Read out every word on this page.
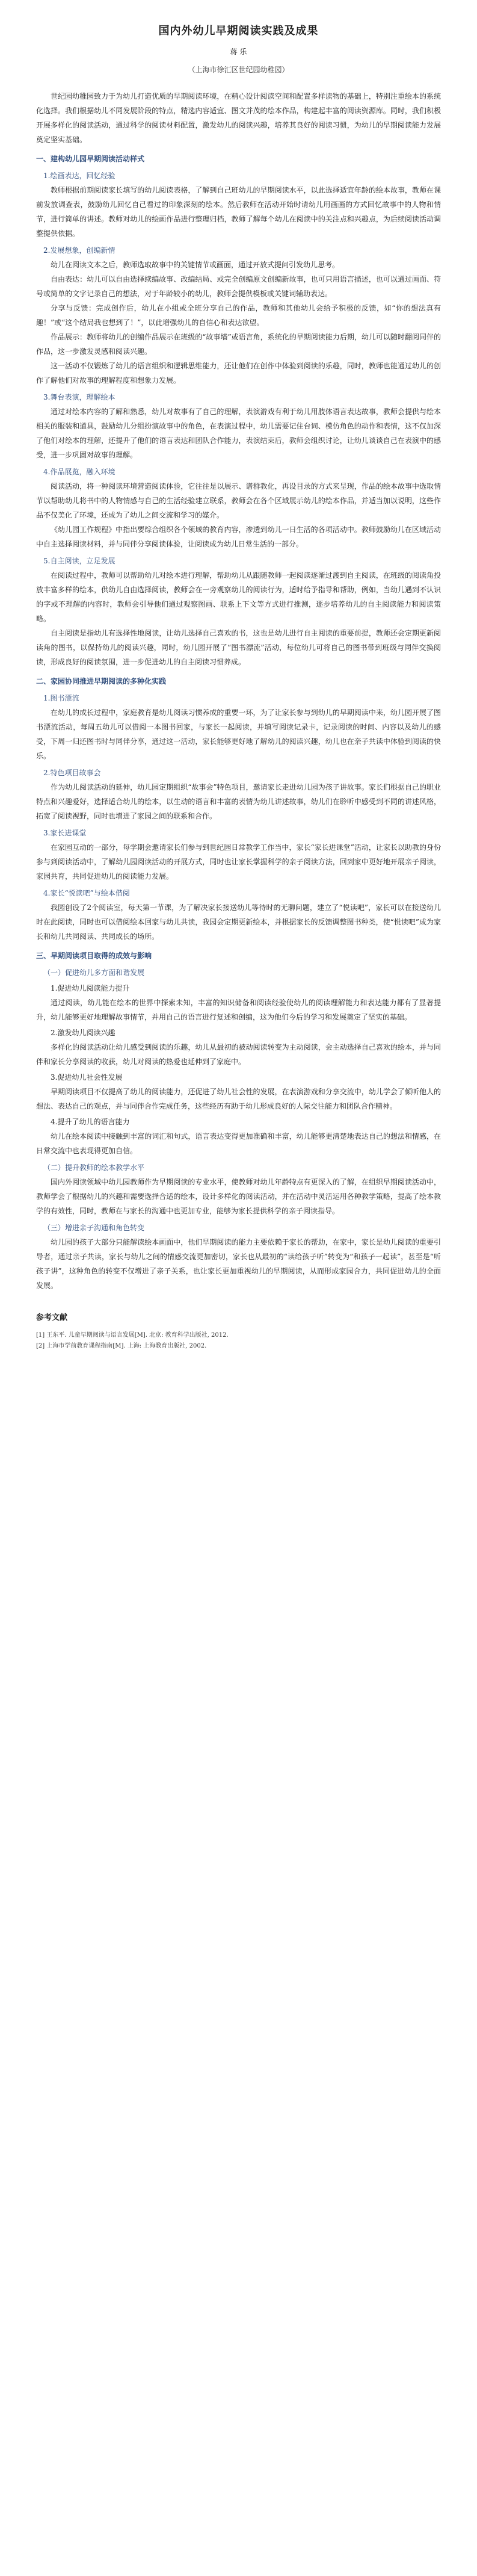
国内外幼儿早期阅读实践及成果
蒋 乐
（上海市徐汇区世纪园幼稚园）

世纪园幼稚园致力于为幼儿打造优质的早期阅读环境，在精心设计阅读空间和配置多样读物的基础上，特别注重绘本的系统化选择。我们根据幼儿不同发展阶段的特点，精选内容适宜、图文并茂的绘本作品，构建起丰富的阅读资源库。同时，我们积极开展多样化的阅读活动，通过科学的阅读材料配置，激发幼儿的阅读兴趣，培养其良好的阅读习惯，为幼儿的早期阅读能力发展奠定坚实基础。

一、建构幼儿园早期阅读活动样式

1.绘画表达，回忆经验

教师根据前期阅读家长填写的幼儿阅读表格，了解到自己班幼儿的早期阅读水平，以此选择适宜年龄的绘本故事，教师在课前发放调查表，鼓励幼儿回忆自己看过的印象深刻的绘本。然后教师在活动开始时请幼儿用画画的方式回忆故事中的人物和情节，进行简单的讲述。教师对幼儿的绘画作品进行整理归档，教师了解每个幼儿在阅读中的关注点和兴趣点，为后续阅读活动调整提供依据。

2.发展想象，创编新情

幼儿在阅读文本之后，教师选取故事中的关键情节或画面，通过开放式提问引发幼儿思考。

自由表达：幼儿可以自由选择续编故事、改编结局、或完全创编原文创编新故事，也可只用语言描述，也可以通过画面、符号或简单的文字记录自己的想法，对于年龄较小的幼儿，教师会提供模板或关键词辅助表达。

分享与反馈：完成创作后，幼儿在小组或全班分享自己的作品，教师和其他幼儿会给予积极的反馈，如“你的想法真有趣！”或“这个结局我也想到了！”，以此增强幼儿的自信心和表达欲望。

作品展示：教师将幼儿的创编作品展示在班级的“故事墙”或语言角，系统化的早期阅读能力后期，幼儿可以随时翻阅同伴的作品，这一步激发灵感和阅读兴趣。

这一活动不仅锻炼了幼儿的语言组织和逻辑思维能力，还让他们在创作中体验到阅读的乐趣，同时，教师也能通过幼儿的创作了解他们对故事的理解程度和想象力发展。

3.舞台表演，理解绘本

通过对绘本内容的了解和熟悉，幼儿对故事有了自己的理解，表演游戏有利于幼儿用肢体语言表达故事，教师会提供与绘本相关的服装和道具，鼓励幼儿分组扮演故事中的角色，在表演过程中，幼儿需要记住台词、模仿角色的动作和表情，这不仅加深了他们对绘本的理解，还提升了他们的语言表达和团队合作能力，表演结束后，教师会组织讨论，让幼儿谈谈自己在表演中的感受，进一步巩固对故事的理解。

4.作品展览，融入环境

阅读活动，将一种阅读环境营造阅读体验，它往往是以展示、谱群教化，再设目录的方式来呈现，作品的绘本故事中选取情节以帮助幼儿将书中的人物情感与自己的生活经验建立联系，教师会在各个区域展示幼儿的绘本作品，并适当加以说明，这些作品不仅美化了环境，还成为了幼儿之间交流和学习的媒介。

《幼儿园工作规程》中指出要综合组织各个领域的教育内容，渗透到幼儿一日生活的各项活动中。教师鼓励幼儿在区域活动中自主选择阅读材料，并与同伴分享阅读体验，让阅读成为幼儿日常生活的一部分。

5.自主阅读，立足发展

在阅读过程中，教师可以帮助幼儿对绘本进行理解，帮助幼儿从跟随教师一起阅读逐渐过渡到自主阅读，在班级的阅读角投放丰富多样的绘本，供幼儿自由选择阅读，教师会在一旁观察幼儿的阅读行为，适时给予指导和帮助，例如，当幼儿遇到不认识的字或不理解的内容时，教师会引导他们通过观察图画、联系上下文等方式进行推测，逐步培养幼儿的自主阅读能力和阅读策略。

自主阅读是指幼儿有选择性地阅读，让幼儿选择自己喜欢的书，这也是幼儿进行自主阅读的重要前提，教师还会定期更新阅读角的图书，以保持幼儿的阅读兴趣，同时，幼儿园开展了“图书漂流”活动，每位幼儿可将自己的图书带到班级与同伴交换阅读，形成良好的阅读氛围，进一步促进幼儿的自主阅读习惯养成。

二、家园协同推进早期阅读的多种化实践

1.图书漂流

在幼儿的成长过程中，家庭教育是幼儿阅读习惯养成的重要一环，为了让家长参与到幼儿的早期阅读中来，幼儿园开展了图书漂流活动，每周五幼儿可以借阅一本图书回家，与家长一起阅读，并填写阅读记录卡，记录阅读的时间、内容以及幼儿的感受，下周一归还图书时与同伴分享，通过这一活动，家长能够更好地了解幼儿的阅读兴趣，幼儿也在亲子共读中体验到阅读的快乐。

2.特色项目故事会

作为幼儿阅读活动的延伸，幼儿园定期组织“故事会”特色项目，邀请家长走进幼儿园为孩子讲故事。家长们根据自己的职业特点和兴趣爱好，选择适合幼儿的绘本，以生动的语言和丰富的表情为幼儿讲述故事，幼儿们在聆听中感受到不同的讲述风格，拓宽了阅读视野，同时也增进了家园之间的联系和合作。

3.家长进课堂

在家园互动的一部分，每学期会邀请家长们参与到世纪园日常教学工作当中，家长“家长进课堂”活动，让家长以助教的身份参与到阅读活动中，了解幼儿园阅读活动的开展方式，同时也让家长掌握科学的亲子阅读方法，回到家中更好地开展亲子阅读，家园共育，共同促进幼儿的阅读能力发展。

4.家长“悦读吧”与绘本借阅

我园创设了2个阅读室，每天第一节课，为了解决家长接送幼儿等待时的无聊问题，建立了“悦读吧”，家长可以在接送幼儿时在此阅读，同时也可以借阅绘本回家与幼儿共读，我园会定期更新绘本，并根据家长的反馈调整图书种类，使“悦读吧”成为家长和幼儿共同阅读、共同成长的场所。

三、早期阅读项目取得的成效与影响

（一）促进幼儿多方面和谐发展

1.促进幼儿阅读能力提升

通过阅读，幼儿能在绘本的世界中探索未知，丰富的知识储备和阅读经验使幼儿的阅读理解能力和表达能力都有了显著提升，幼儿能够更好地理解故事情节，并用自己的语言进行复述和创编，这为他们今后的学习和发展奠定了坚实的基础。

2.激发幼儿阅读兴趣

多样化的阅读活动让幼儿感受到阅读的乐趣，幼儿从最初的被动阅读转变为主动阅读，会主动选择自己喜欢的绘本，并与同伴和家长分享阅读的收获，幼儿对阅读的热爱也延伸到了家庭中。

3.促进幼儿社会性发展

早期阅读项目不仅提高了幼儿的阅读能力，还促进了幼儿社会性的发展，在表演游戏和分享交流中，幼儿学会了倾听他人的想法、表达自己的观点，并与同伴合作完成任务，这些经历有助于幼儿形成良好的人际交往能力和团队合作精神。

4.提升了幼儿的语言能力

幼儿在绘本阅读中接触到丰富的词汇和句式，语言表达变得更加准确和丰富，幼儿能够更清楚地表达自己的想法和情感，在日常交流中也表现得更加自信。

（二）提升教师的绘本教学水平

国内外阅读领域中幼儿园教师作为早期阅读的专业水平，使教师对幼儿年龄特点有更深入的了解，在组织早期阅读活动中，教师学会了根据幼儿的兴趣和需要选择合适的绘本，设计多样化的阅读活动，并在活动中灵活运用各种教学策略，提高了绘本教学的有效性，同时，教师在与家长的沟通中也更加专业，能够为家长提供科学的亲子阅读指导。

（三）增进亲子沟通和角色转变

幼儿园的孩子大部分只能解读绘本画面中，他们早期阅读的能力主要依赖于家长的帮助，在家中，家长是幼儿阅读的重要引导者，通过亲子共读，家长与幼儿之间的情感交流更加密切，家长也从最初的“读给孩子听”转变为“和孩子一起读”，甚至是“听孩子讲”，这种角色的转变不仅增进了亲子关系，也让家长更加重视幼儿的早期阅读，从而形成家园合力，共同促进幼儿的全面发展。

参考文献

[1] 王东平. 儿童早期阅读与语言发展[M]. 北京: 教育科学出版社, 2012.

[2] 上海市学前教育课程指南[M]. 上海: 上海教育出版社, 2002.
